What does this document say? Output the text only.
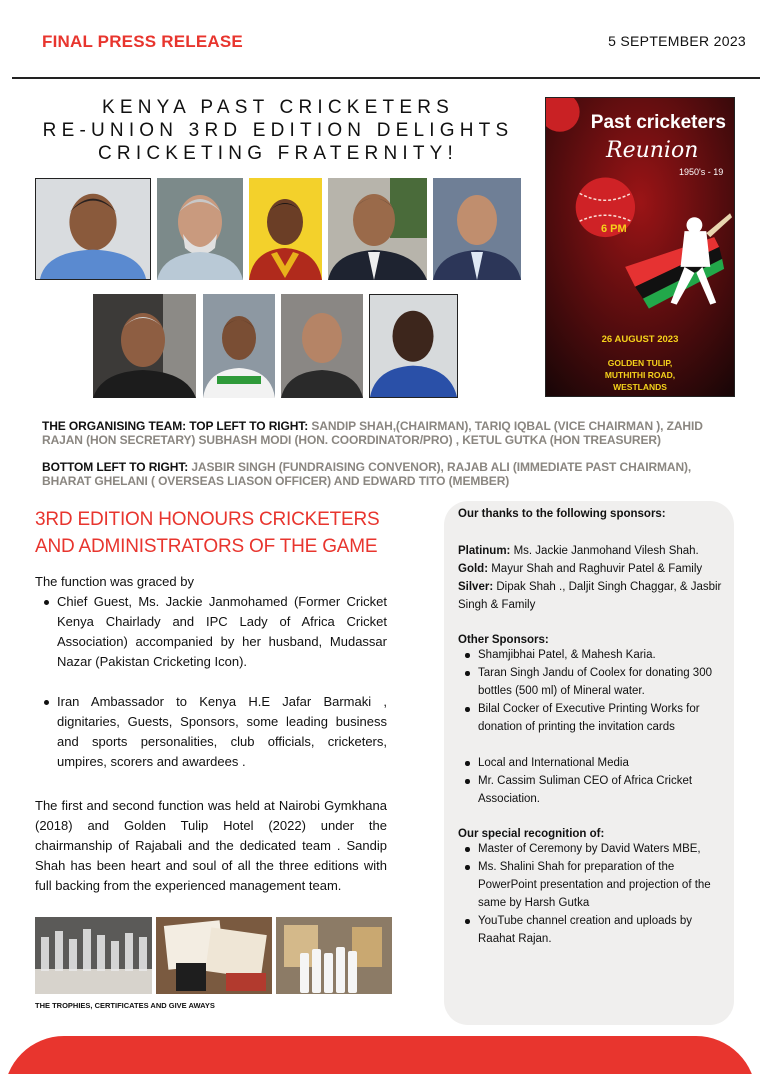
FINAL PRESS RELEASE	5 SEPTEMBER 2023
KENYA PAST CRICKETERS
RE-UNION 3RD EDITION DELIGHTS
CRICKETING FRATERNITY!
Past cricketers
Reunion
1950's - 19
6 PM
26 AUGUST 2023
GOLDEN TULIP,
MUTHITHI ROAD,
WESTLANDS
THE ORGANISING TEAM: TOP LEFT TO RIGHT: SANDIP SHAH,(CHAIRMAN), TARIQ IQBAL (VICE CHAIRMAN ), ZAHID RAJAN (HON SECRETARY) SUBHASH MODI (HON. COORDINATOR/PRO) , KETUL GUTKA (HON TREASURER)
BOTTOM LEFT TO RIGHT: JASBIR SINGH (FUNDRAISING CONVENOR), RAJAB ALI (IMMEDIATE PAST CHAIRMAN), BHARAT GHELANI ( OVERSEAS LIASON OFFICER) AND EDWARD TITO (MEMBER)
3RD EDITION HONOURS CRICKETERS
AND ADMINISTRATORS OF THE GAME
The function was graced by
Chief Guest, Ms. Jackie Janmohamed (Former Cricket Kenya Chairlady and IPC Lady of Africa Cricket Association) accompanied by her husband, Mudassar Nazar (Pakistan Cricketing Icon).
Iran Ambassador to Kenya H.E Jafar Barmaki , dignitaries, Guests, Sponsors, some leading business and sports personalities, club officials, cricketers, umpires, scorers and awardees .
The first and second function was held at Nairobi Gymkhana (2018) and Golden Tulip Hotel (2022) under the chairmanship of Rajabali and the dedicated team . Sandip Shah has been heart and soul of all the three editions with full backing from the experienced management team.
THE TROPHIES, CERTIFICATES AND GIVE AWAYS
Our thanks to the following sponsors:
Platinum: Ms. Jackie Janmohand Vilesh Shah.
Gold: Mayur Shah and Raghuvir Patel & Family
Silver: Dipak Shah ., Daljit Singh Chaggar, & Jasbir Singh & Family
Other Sponsors:
Shamjibhai Patel, & Mahesh Karia.
Taran Singh Jandu of Coolex for donating 300 bottles (500 ml) of Mineral water.
Bilal Cocker of Executive Printing Works for donation of printing the invitation cards
Local and International Media
Mr. Cassim Suliman CEO of Africa Cricket Association.
Our special recognition of:
Master of Ceremony by David Waters MBE,
Ms. Shalini Shah for preparation of the PowerPoint presentation and projection of the same by Harsh Gutka
YouTube channel creation and uploads by Raahat Rajan.
